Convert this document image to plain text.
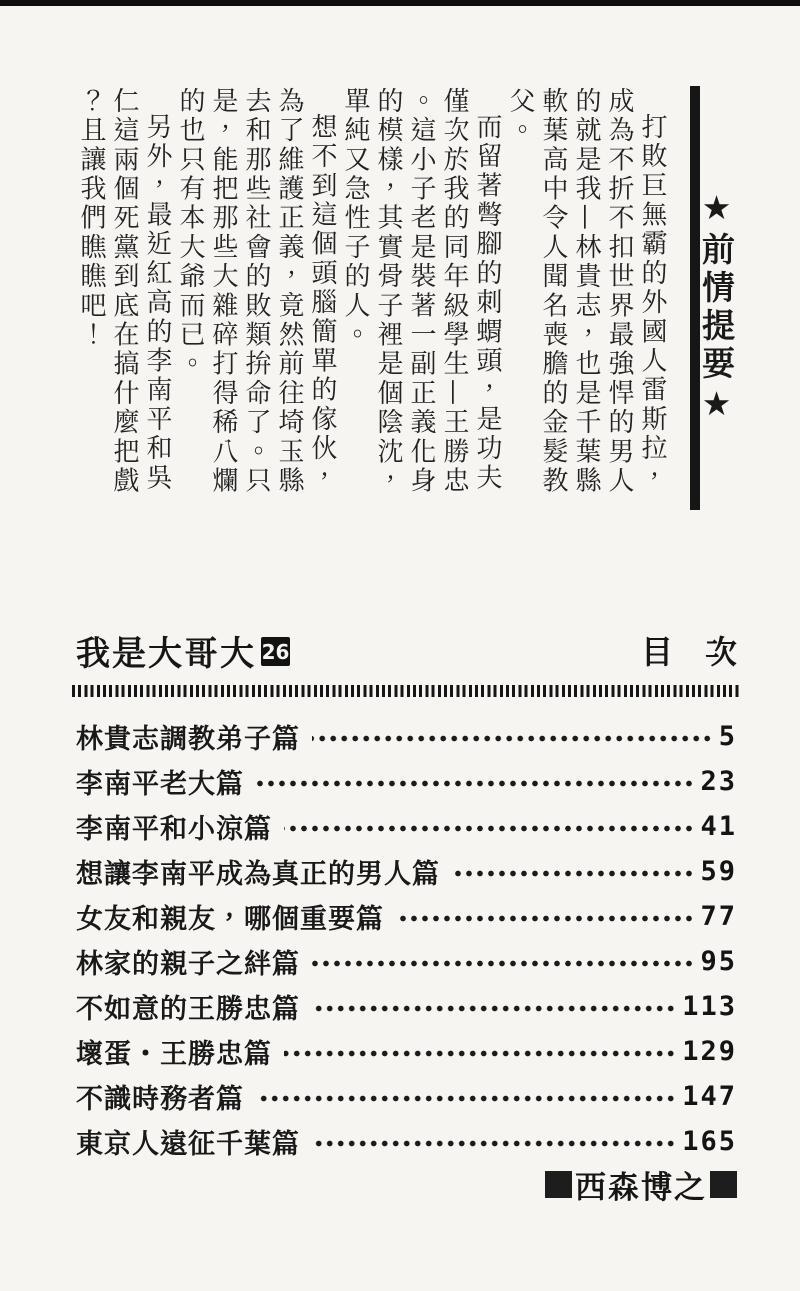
★前情提要★

打敗巨無霸的外國人雷斯拉，成為不折不扣世界最強悍的男人的就是我—林貴志，也是千葉縣軟葉高中令人聞名喪膽的金髮教父。

而留著彆腳的刺蝟頭，是功夫僅次於我的同年級學生—王勝忠。這小子老是裝著一副正義化身的模樣，其實骨子裡是個陰沈，單純又急性子的人。

想不到這個頭腦簡單的傢伙，為了維護正義，竟然前往埼玉縣去和那些社會的敗類拚命了。只是，能把那些大雜碎打得稀八爛的也只有本大爺而已。

另外，最近紅高的李南平和吳仁這兩個死黨到底在搞什麼把戲？且讓我們瞧瞧吧！

我是大哥大 26	目　次
林貴志調教弟子篇	5
李南平老大篇	23
李南平和小涼篇	41
想讓李南平成為真正的男人篇	59
女友和親友，哪個重要篇	77
林家的親子之絆篇	95
不如意的王勝忠篇	113
壞蛋・王勝忠篇	129
不識時務者篇	147
東京人遠征千葉篇	165
西森博之
